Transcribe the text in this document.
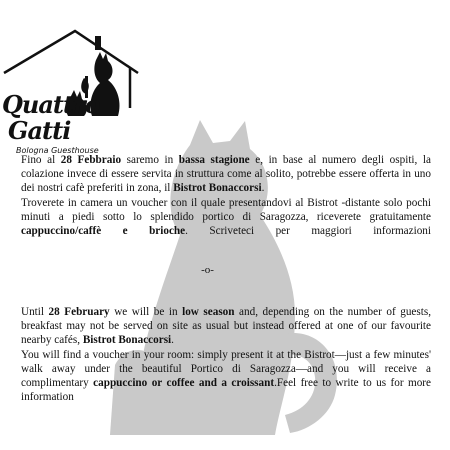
Quattro
Gatti
Bologna Guesthouse

Fino al 28 Febbraio saremo in bassa stagione e, in base al numero degli ospiti, la colazione invece di essere servita in struttura come al solito, potrebbe essere offerta in uno dei nostri cafè preferiti in zona, il Bistrot Bonaccorsi.

Troverete in camera un voucher con il quale presentandovi al Bistrot -distante solo pochi minuti a piedi sotto lo splendido portico di Saragozza, riceverete gratuitamente cappuccino/caffè e brioche. Scriveteci per maggiori informazioni

-o-

Until 28 February we will be in low season and, depending on the number of guests, breakfast may not be served on site as usual but instead offered at one of our favourite nearby cafés, Bistrot Bonaccorsi.

You will find a voucher in your room: simply present it at the Bistrot—just a few minutes' walk away under the beautiful Portico di Saragozza—and you will receive a complimentary cappuccino or coffee and a croissant.Feel free to write to us for more information
